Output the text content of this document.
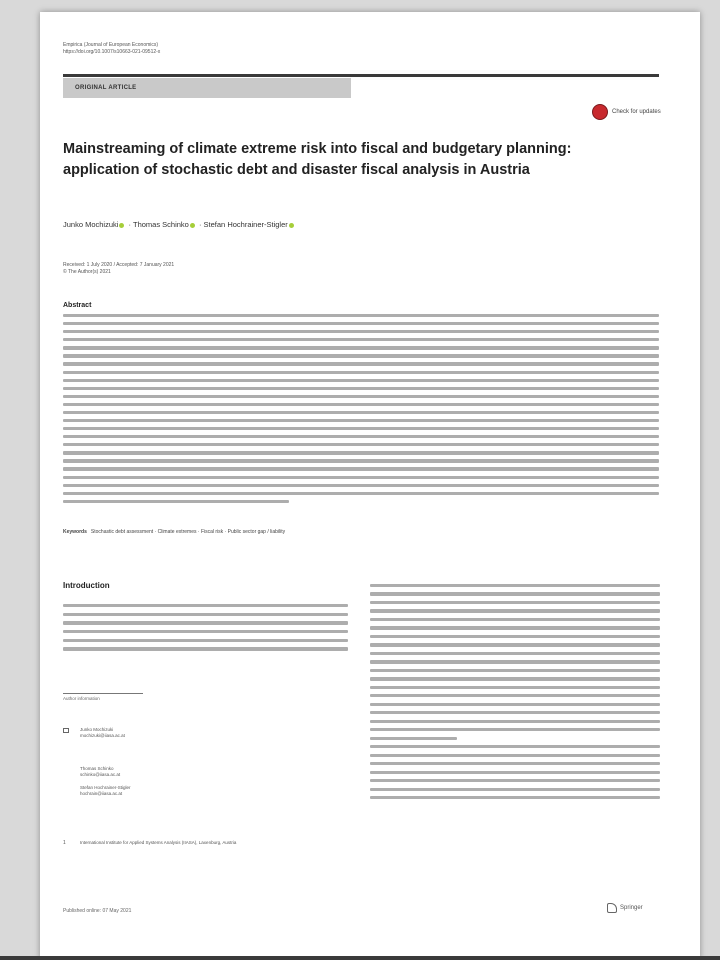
Empirica (Journal of European Economics)
https://doi.org/10.1007/s10663-021-09512-x
ORIGINAL ARTICLE
Check for updates
Mainstreaming of climate extreme risk into fiscal and budgetary planning: application of stochastic debt and disaster fiscal analysis in Austria
Junko Mochizuki · Thomas Schinko · Stefan Hochrainer-Stigler
Received: 1 July 2020 / Accepted: 7 January 2021
© The Author(s) 2021
Abstract
Keywords Stochastic debt assessment · Climate extremes · Fiscal risk · Public sector gap / liability
Introduction
Author information
Junko Mochizuki
mochizuki@iiasa.ac.at
Thomas Schinko
schinko@iiasa.ac.at
Stefan Hochrainer-Stigler
hochrain@iiasa.ac.at
1	International Institute for Applied Systems Analysis (IIASA), Laxenburg, Austria
Published online: 07 May 2021	Springer
